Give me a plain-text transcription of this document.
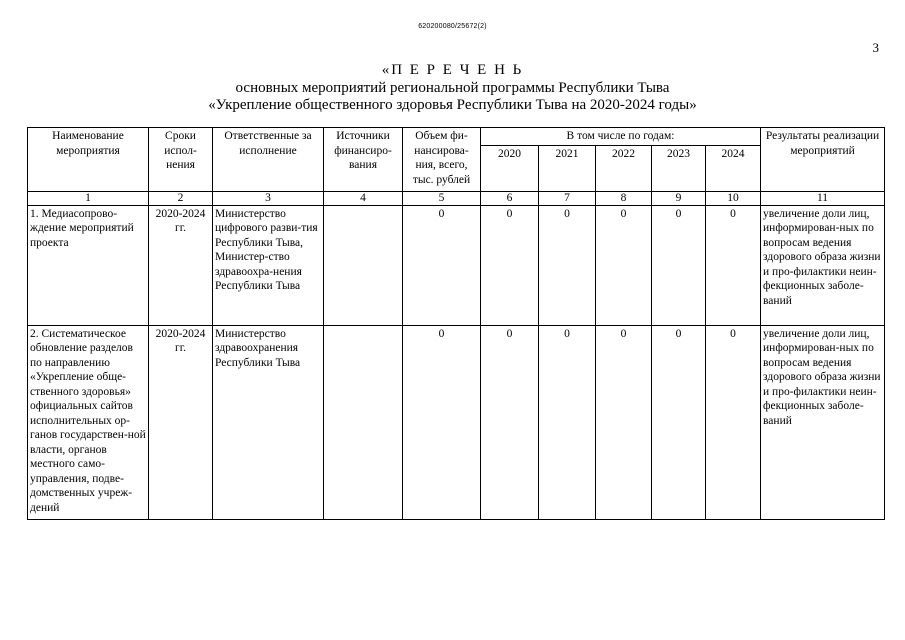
620200080/25672(2)
3
«П Е Р Е Ч Е Н Ь
основных мероприятий региональной программы Республики Тыва
«Укрепление общественного здоровья Республики Тыва на 2020-2024 годы»
Наименование мероприятия	Сроки испол-нения	Ответственные за исполнение	Источники финансиро-вания	Объем фи-нансирова-ния, всего, тыс. рублей	В том числе по годам:					Результаты реализации мероприятий
					2020	2021	2022	2023	2024	
1	2	3	4	5	6	7	8	9	10	11
1. Медиасопрово-ждение мероприятий проекта	2020-2024 гг.	Министерство цифрового разви-тия Республики Тыва, Министер-ство здравоохра-нения Республики Тыва		0	0	0	0	0	0	увеличение доли лиц, информирован-ных по вопросам ведения здорового образа жизни и про-филактики неин-фекционных заболе-ваний
2. Систематическое обновление разделов по направлению «Укрепление обще-ственного здоровья» официальных сайтов исполнительных ор-ганов государствен-ной власти, органов местного само-управления, подве-домственных учреж-дений	2020-2024 гг.	Министерство здравоохранения Республики Тыва		0	0	0	0	0	0	увеличение доли лиц, информирован-ных по вопросам ведения здорового образа жизни и про-филактики неин-фекционных заболе-ваний
